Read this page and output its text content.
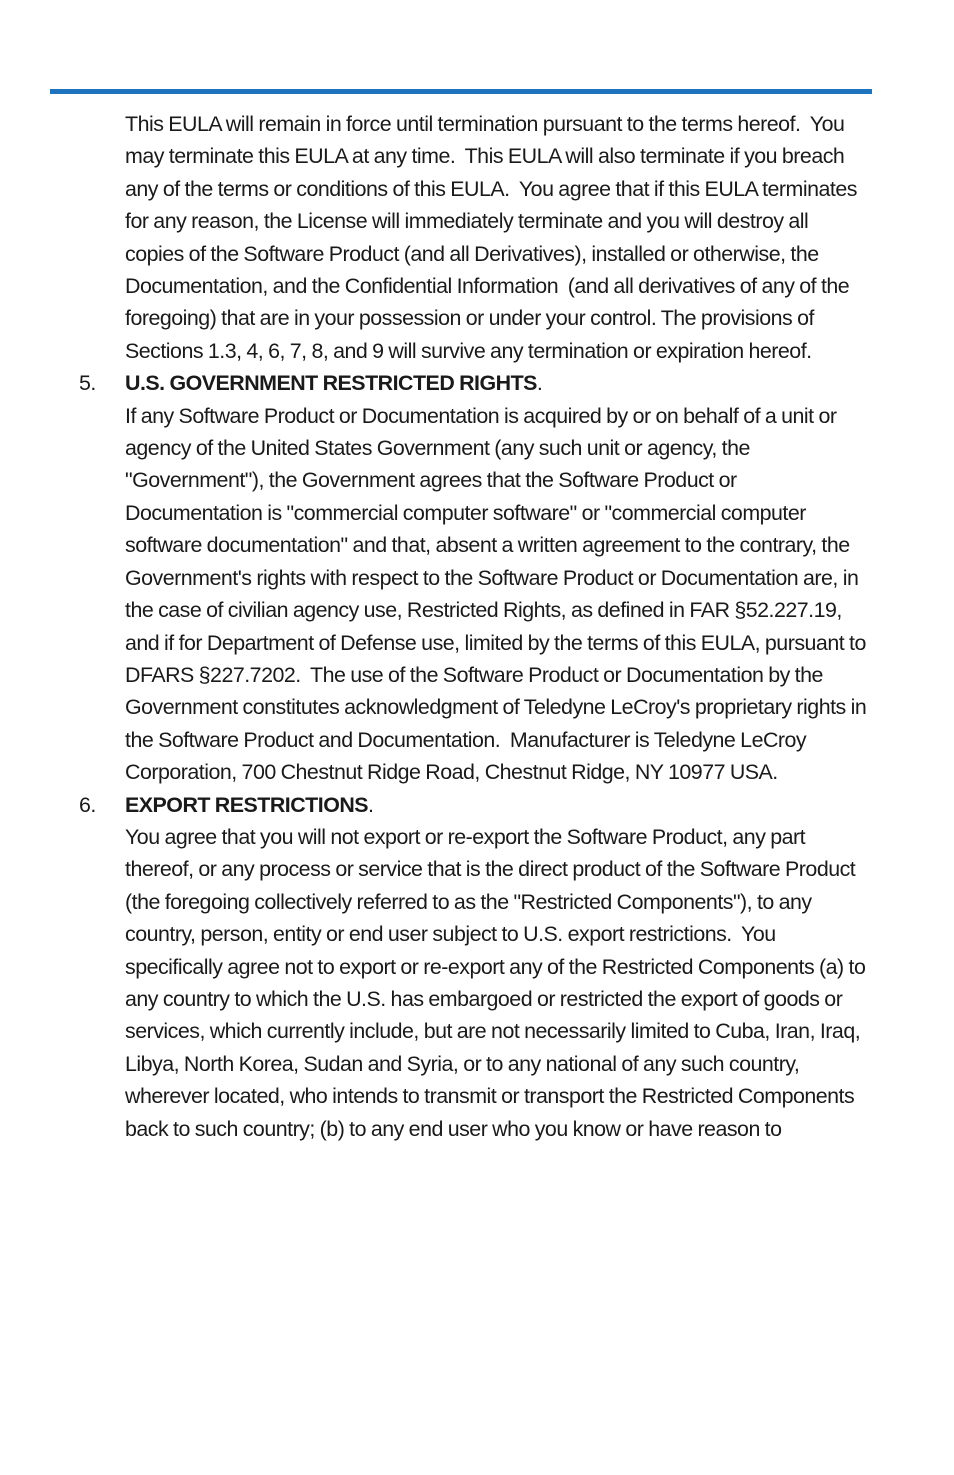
This EULA will remain in force until termination pursuant to the terms hereof.  You may terminate this EULA at any time.  This EULA will also terminate if you breach any of the terms or conditions of this EULA.  You agree that if this EULA terminates for any reason, the License will immediately terminate and you will destroy all copies of the Software Product (and all Derivatives), installed or otherwise, the Documentation, and the Confidential Information  (and all derivatives of any of the foregoing) that are in your possession or under your control. The provisions of Sections 1.3, 4, 6, 7, 8, and 9 will survive any termination or expiration hereof.

5. U.S. GOVERNMENT RESTRICTED RIGHTS.

If any Software Product or Documentation is acquired by or on behalf of a unit or agency of the United States Government (any such unit or agency, the "Government"), the Government agrees that the Software Product or Documentation is "commercial computer software" or "commercial computer software documentation" and that, absent a written agreement to the contrary, the Government's rights with respect to the Software Product or Documentation are, in the case of civilian agency use, Restricted Rights, as defined in FAR §52.227.19, and if for Department of Defense use, limited by the terms of this EULA, pursuant to DFARS §227.7202.  The use of the Software Product or Documentation by the Government constitutes acknowledgment of Teledyne LeCroy's proprietary rights in the Software Product and Documentation.  Manufacturer is Teledyne LeCroy Corporation, 700 Chestnut Ridge Road, Chestnut Ridge, NY 10977 USA.

6. EXPORT RESTRICTIONS.

You agree that you will not export or re-export the Software Product, any part thereof, or any process or service that is the direct product of the Software Product (the foregoing collectively referred to as the "Restricted Components"), to any country, person, entity or end user subject to U.S. export restrictions.  You specifically agree not to export or re-export any of the Restricted Components (a) to any country to which the U.S. has embargoed or restricted the export of goods or services, which currently include, but are not necessarily limited to Cuba, Iran, Iraq, Libya, North Korea, Sudan and Syria, or to any national of any such country, wherever located, who intends to transmit or transport the Restricted Components back to such country; (b) to any end user who you know or have reason to
